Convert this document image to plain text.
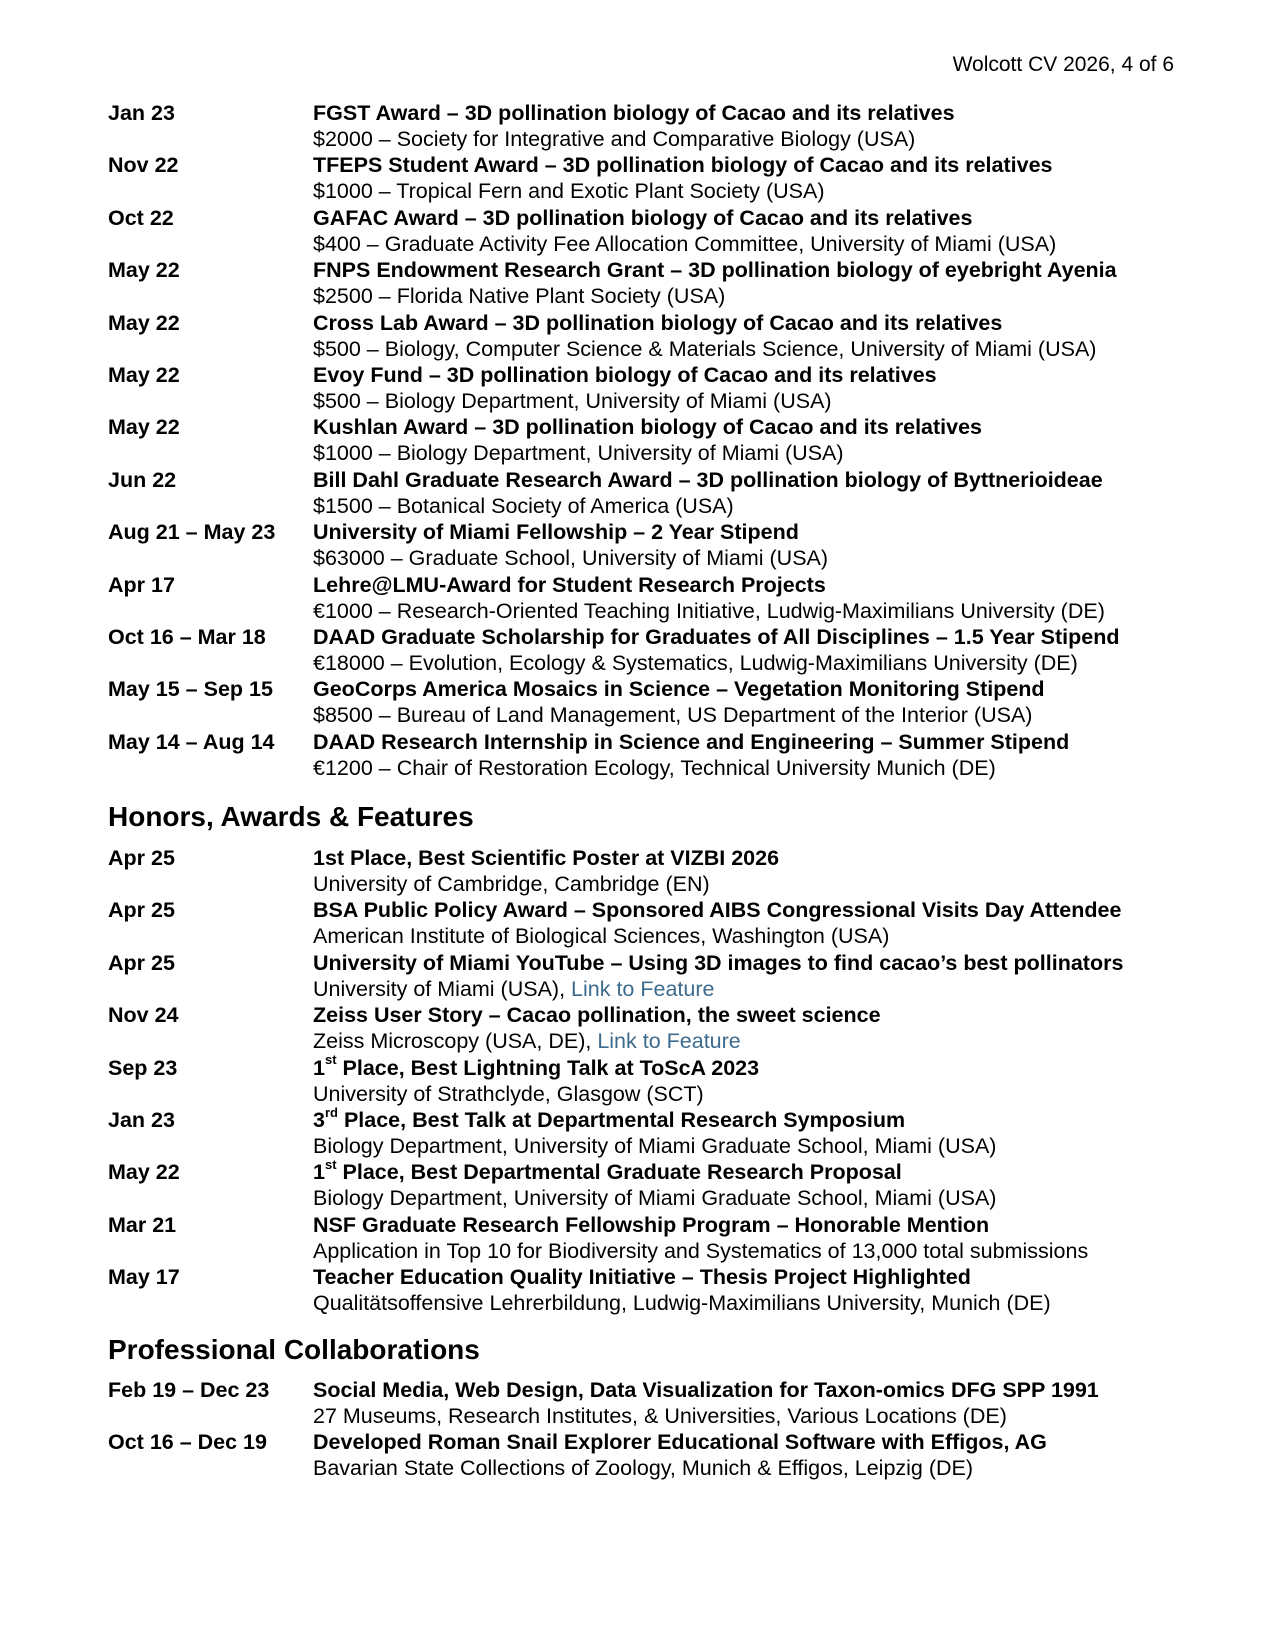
Wolcott CV 2026, 4 of 6
Jan 23	FGST Award – 3D pollination biology of Cacao and its relatives
$2000 – Society for Integrative and Comparative Biology (USA)
Nov 22	TFEPS Student Award – 3D pollination biology of Cacao and its relatives
$1000 – Tropical Fern and Exotic Plant Society (USA)
Oct 22	GAFAC Award – 3D pollination biology of Cacao and its relatives
$400 – Graduate Activity Fee Allocation Committee, University of Miami (USA)
May 22	FNPS Endowment Research Grant – 3D pollination biology of eyebright Ayenia
$2500 – Florida Native Plant Society (USA)
May 22	Cross Lab Award – 3D pollination biology of Cacao and its relatives
$500 – Biology, Computer Science & Materials Science, University of Miami (USA)
May 22	Evoy Fund – 3D pollination biology of Cacao and its relatives
$500 – Biology Department, University of Miami (USA)
May 22	Kushlan Award – 3D pollination biology of Cacao and its relatives
$1000 – Biology Department, University of Miami (USA)
Jun 22	Bill Dahl Graduate Research Award – 3D pollination biology of Byttnerioideae
$1500 – Botanical Society of America (USA)
Aug 21 – May 23	University of Miami Fellowship – 2 Year Stipend
$63000 – Graduate School, University of Miami (USA)
Apr 17	Lehre@LMU-Award for Student Research Projects
€1000 – Research-Oriented Teaching Initiative, Ludwig-Maximilians University (DE)
Oct 16 – Mar 18	DAAD Graduate Scholarship for Graduates of All Disciplines – 1.5 Year Stipend
€18000 – Evolution, Ecology & Systematics, Ludwig-Maximilians University (DE)
May 15 – Sep 15	GeoCorps America Mosaics in Science – Vegetation Monitoring Stipend
$8500 – Bureau of Land Management, US Department of the Interior (USA)
May 14 – Aug 14	DAAD Research Internship in Science and Engineering – Summer Stipend
€1200 – Chair of Restoration Ecology, Technical University Munich (DE)
Honors, Awards & Features
Apr 25	1st Place, Best Scientific Poster at VIZBI 2026
University of Cambridge, Cambridge (EN)
Apr 25	BSA Public Policy Award – Sponsored AIBS Congressional Visits Day Attendee
American Institute of Biological Sciences, Washington (USA)
Apr 25	University of Miami YouTube – Using 3D images to find cacao’s best pollinators
University of Miami (USA), Link to Feature
Nov 24	Zeiss User Story – Cacao pollination, the sweet science
Zeiss Microscopy (USA, DE), Link to Feature
Sep 23	1st Place, Best Lightning Talk at ToScA 2023
University of Strathclyde, Glasgow (SCT)
Jan 23	3rd Place, Best Talk at Departmental Research Symposium
Biology Department, University of Miami Graduate School, Miami (USA)
May 22	1st Place, Best Departmental Graduate Research Proposal
Biology Department, University of Miami Graduate School, Miami (USA)
Mar 21	NSF Graduate Research Fellowship Program – Honorable Mention
Application in Top 10 for Biodiversity and Systematics of 13,000 total submissions
May 17	Teacher Education Quality Initiative – Thesis Project Highlighted
Qualitätsoffensive Lehrerbildung, Ludwig-Maximilians University, Munich (DE)
Professional Collaborations
Feb 19 – Dec 23	Social Media, Web Design, Data Visualization for Taxon-omics DFG SPP 1991
27 Museums, Research Institutes, & Universities, Various Locations (DE)
Oct 16 – Dec 19	Developed Roman Snail Explorer Educational Software with Effigos, AG
Bavarian State Collections of Zoology, Munich & Effigos, Leipzig (DE)
